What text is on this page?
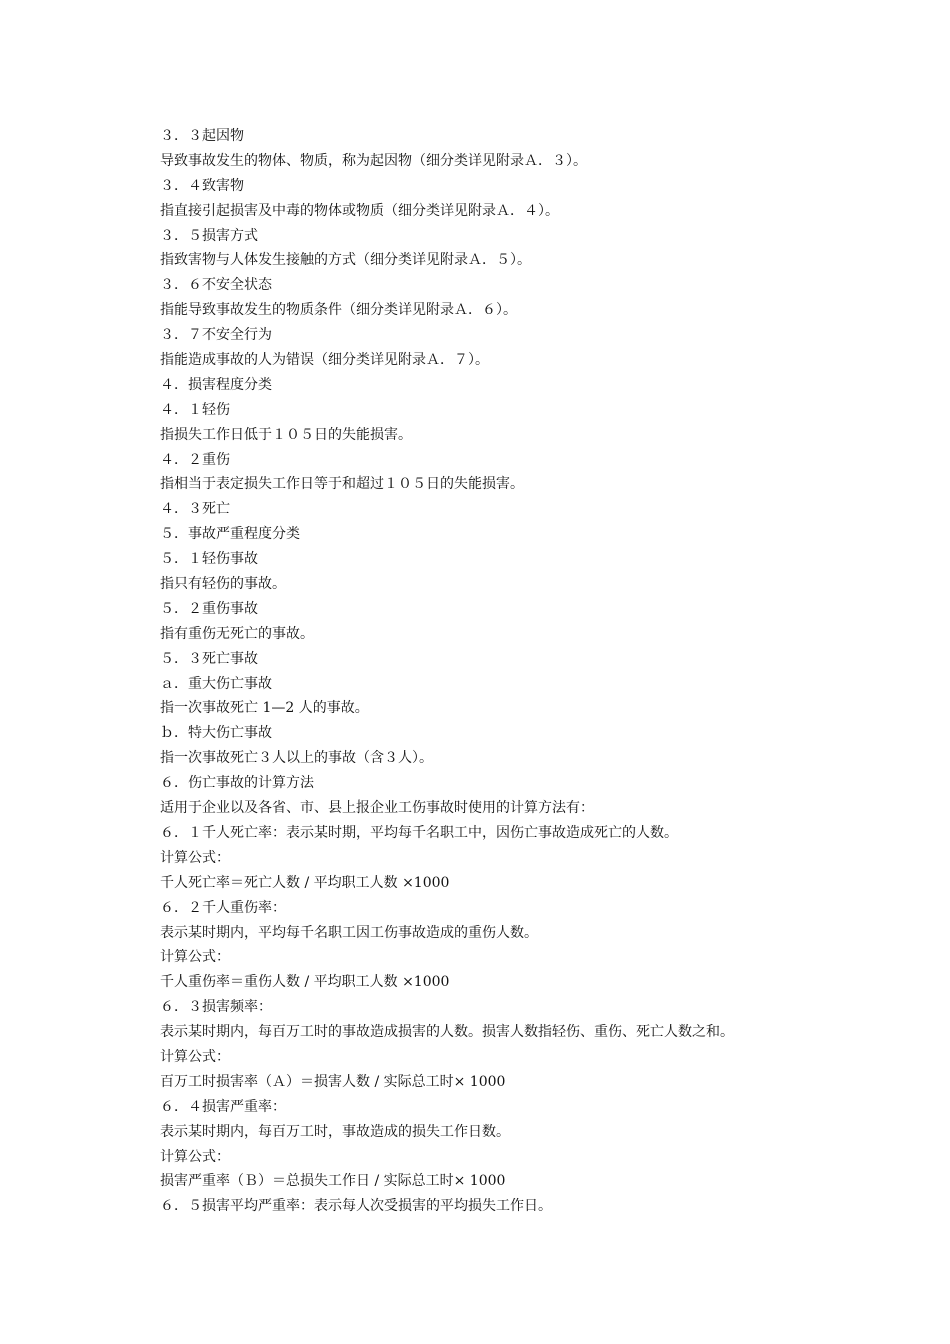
３．３起因物
导致事故发生的物体、物质，称为起因物（细分类详见附录Ａ．３）。
３．４致害物
指直接引起损害及中毒的物体或物质（细分类详见附录Ａ．４）。
３．５损害方式
指致害物与人体发生接触的方式（细分类详见附录Ａ．５）。
３．６不安全状态
指能导致事故发生的物质条件（细分类详见附录Ａ．６）。
３．７不安全行为
指能造成事故的人为错误（细分类详见附录Ａ．７）。
４．损害程度分类
４．１轻伤
指损失工作日低于１０５日的失能损害。
４．２重伤
指相当于表定损失工作日等于和超过１０５日的失能损害。
４．３死亡
５．事故严重程度分类
５．１轻伤事故
指只有轻伤的事故。
５．２重伤事故
指有重伤无死亡的事故。
５．３死亡事故
ａ．重大伤亡事故
指一次事故死亡 1—2 人的事故。
ｂ．特大伤亡事故
指一次事故死亡３人以上的事故（含３人）。
６．伤亡事故的计算方法
适用于企业以及各省、市、县上报企业工伤事故时使用的计算方法有：
６．１千人死亡率：表示某时期，平均每千名职工中，因伤亡事故造成死亡的人数。
计算公式：
千人死亡率＝死亡人数 / 平均职工人数 ×1000
６．２千人重伤率：
表示某时期内，平均每千名职工因工伤事故造成的重伤人数。
计算公式：
千人重伤率＝重伤人数 / 平均职工人数 ×1000
６．３损害频率：
表示某时期内，每百万工时的事故造成损害的人数。损害人数指轻伤、重伤、死亡人数之和。
计算公式：
百万工时损害率（Ａ）＝损害人数 / 实际总工时× 1000
６．４损害严重率：
表示某时期内，每百万工时，事故造成的损失工作日数。
计算公式：
损害严重率（Ｂ）＝总损失工作日 / 实际总工时× 1000
６．５损害平均严重率：表示每人次受损害的平均损失工作日。
